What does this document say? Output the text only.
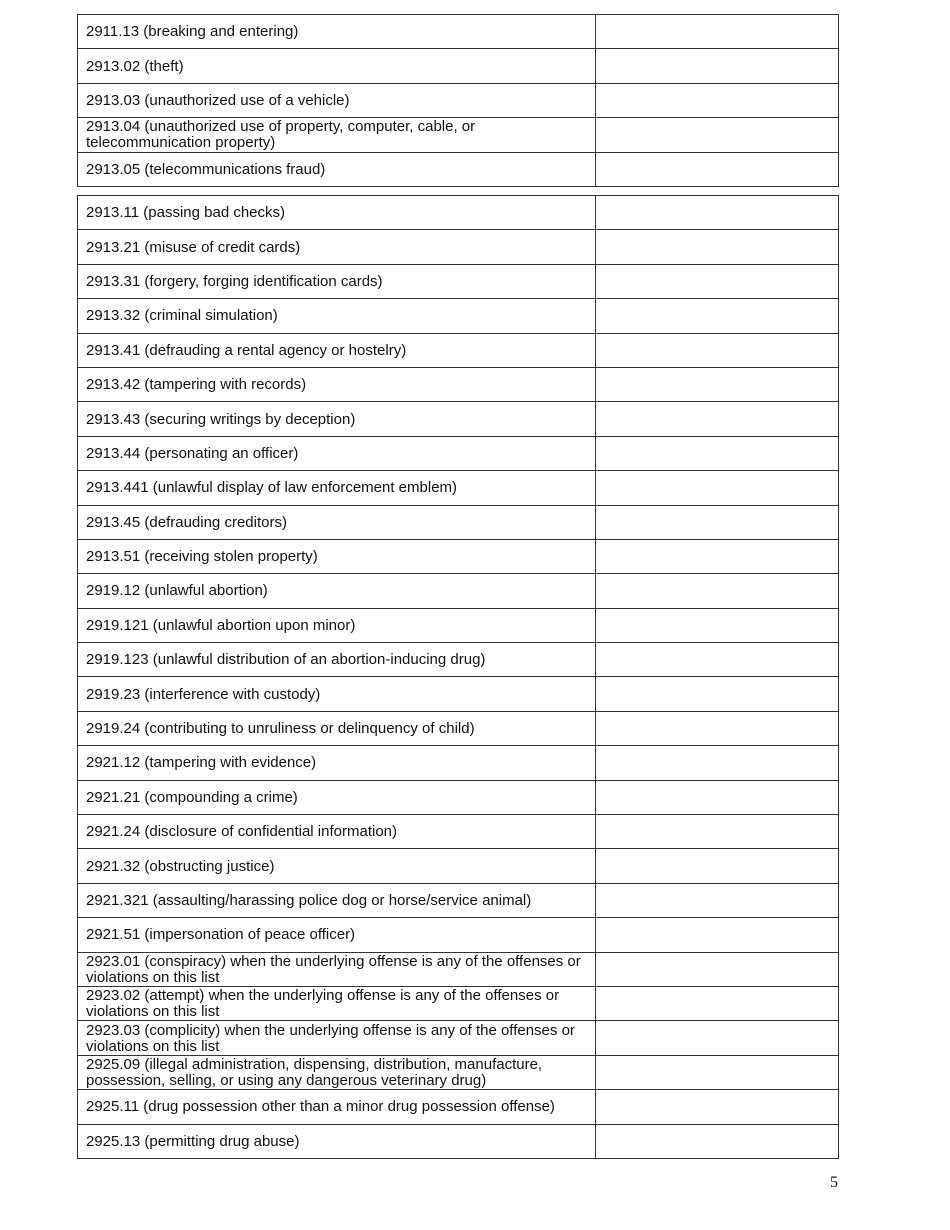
2911.13 (breaking and entering)	
2913.02 (theft)	
2913.03 (unauthorized use of a vehicle)	
2913.04 (unauthorized use of property, computer, cable, or telecommunication property)	
2913.05 (telecommunications fraud)	
2913.11 (passing bad checks)	
2913.21 (misuse of credit cards)	
2913.31 (forgery, forging identification cards)	
2913.32 (criminal simulation)	
2913.41 (defrauding a rental agency or hostelry)	
2913.42 (tampering with records)	
2913.43 (securing writings by deception)	
2913.44 (personating an officer)	
2913.441 (unlawful display of law enforcement emblem)	
2913.45 (defrauding creditors)	
2913.51 (receiving stolen property)	
2919.12 (unlawful abortion)	
2919.121 (unlawful abortion upon minor)	
2919.123 (unlawful distribution of an abortion-inducing drug)	
2919.23 (interference with custody)	
2919.24 (contributing to unruliness or delinquency of child)	
2921.12 (tampering with evidence)	
2921.21 (compounding a crime)	
2921.24 (disclosure of confidential information)	
2921.32 (obstructing justice)	
2921.321 (assaulting/harassing police dog or horse/service animal)	
2921.51 (impersonation of peace officer)	
2923.01 (conspiracy) when the underlying offense is any of the offenses or violations on this list	
2923.02 (attempt) when the underlying offense is any of the offenses or violations on this list	
2923.03 (complicity) when the underlying offense is any of the offenses or violations on this list	
2925.09 (illegal administration, dispensing, distribution, manufacture, possession, selling, or using any dangerous veterinary drug)	
2925.11 (drug possession other than a minor drug possession offense)	
2925.13 (permitting drug abuse)	
5
